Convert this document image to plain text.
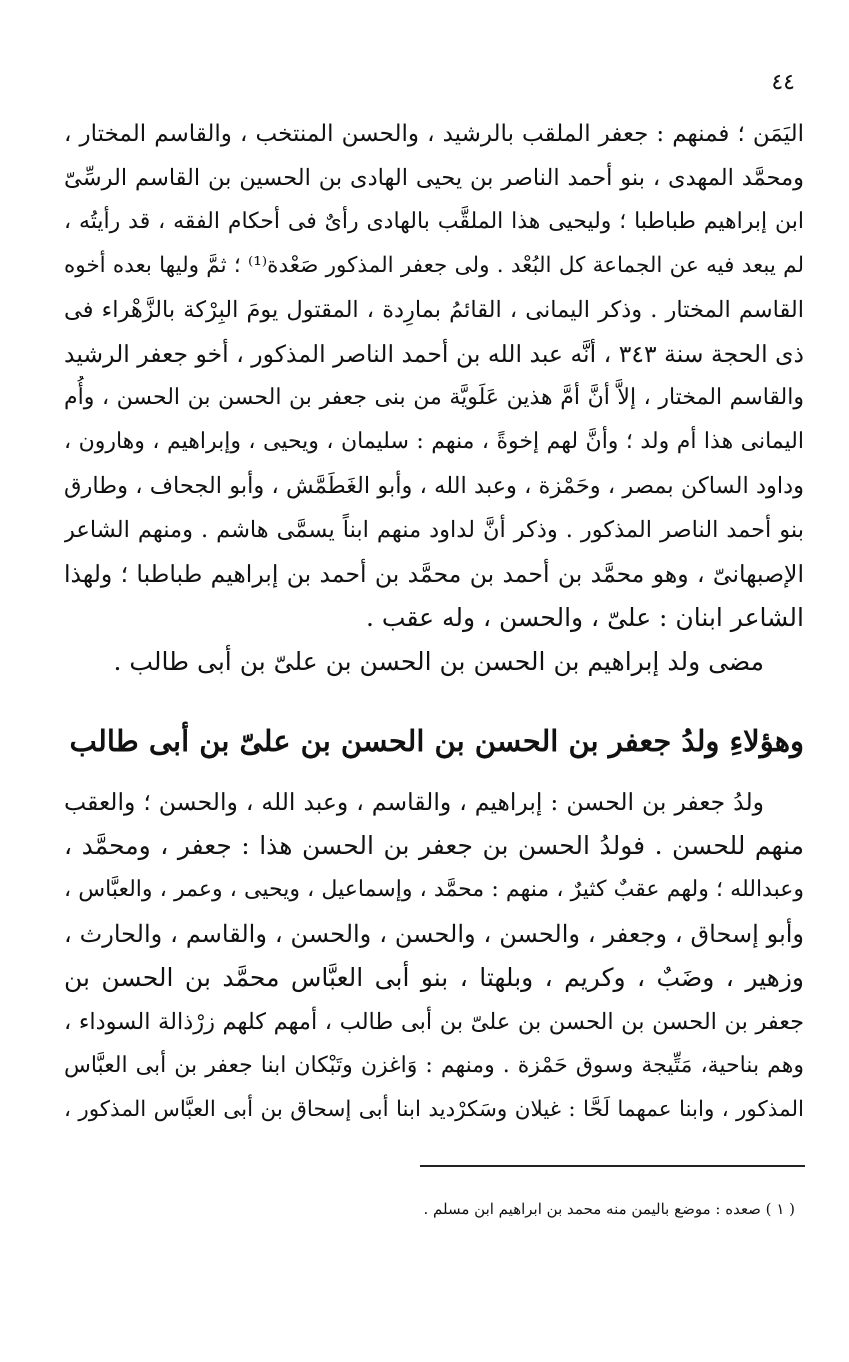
٤٤
اليَمَن ؛ فمنهم : جعفر الملقب بالرشيد ، والحسن المنتخب ، والقاسم المختار ،
ومحمَّد المهدى ، بنو أحمد الناصر بن يحيى الهادى بن الحسين بن القاسم الرسِّىّ
ابن إبراهيم طباطبا ؛ وليحيى هذا الملقَّب بالهادى رأىٌ فى أحكام الفقه ، قد رأيتُه ،
لم يبعد فيه عن الجماعة كل البُعْد . ولى جعفر المذكور صَعْدة⁽¹⁾ ؛ ثمَّ وليها بعده أخوه
القاسم المختار . وذكر اليمانى ، القائمُ بمارِدة ، المقتول يومَ البِرْكة بالزَّهْراء فى
ذى الحجة سنة ٣٤٣ ، أنَّه عبد الله بن أحمد الناصر المذكور ، أخو جعفر الرشيد
والقاسم المختار ، إلاَّ أنَّ أمَّ هذين عَلَويَّة من بنى جعفر بن الحسن بن الحسن ، وأُم
اليمانى هذا أم ولد ؛ وأنَّ لهم إخوةً ، منهم : سليمان ، ويحيى ، وإبراهيم ، وهارون ،
وداود الساكن بمصر ، وحَمْزة ، وعبد الله ، وأبو الغَطَمَّش ، وأبو الجحاف ، وطارق
بنو أحمد الناصر المذكور . وذكر أنَّ لداود منهم ابناً يسمَّى هاشم . ومنهم الشاعر
الإصبهانىّ ، وهو محمَّد بن أحمد بن محمَّد بن أحمد بن إبراهيم طباطبا ؛ ولهذا
الشاعر ابنان : علىّ ، والحسن ، وله عقب .
مضى ولد إبراهيم بن الحسن بن الحسن بن علىّ بن أبى طالب .
وهؤلاءِ ولدُ جعفر بن الحسن بن الحسن بن علىّ بن أبى طالب
ولدُ جعفر بن الحسن : إبراهيم ، والقاسم ، وعبد الله ، والحسن ؛ والعقب
منهم للحسن . فولدُ الحسن بن جعفر بن الحسن هذا : جعفر ، ومحمَّد ،
وعبدالله ؛ ولهم عقبٌ كثيرٌ ، منهم : محمَّد ، وإسماعيل ، ويحيى ، وعمر ، والعبَّاس ،
وأبو إسحاق ، وجعفر ، والحسن ، والحسن ، والحسن ، والقاسم ، والحارث ،
وزهير ، وضَبٌ ، وكريم ، وبلهتا ، بنو أبى العبَّاس محمَّد بن الحسن بن
جعفر بن الحسن بن الحسن بن علىّ بن أبى طالب ، أمهم كلهم زرْذالة السوداء ،
وهم بناحية، مَتِّيجة وسوق حَمْزة . ومنهم : وَاغزن وتَبْكان ابنا جعفر بن أبى العبَّاس
المذكور ، وابنا عمهما لَحَّا : غيلان وسَكرْديد ابنا أبى إسحاق بن أبى العبَّاس المذكور ،
( ١ ) صعده : موضع باليمن منه محمد بن ابراهيم ابن مسلم .
